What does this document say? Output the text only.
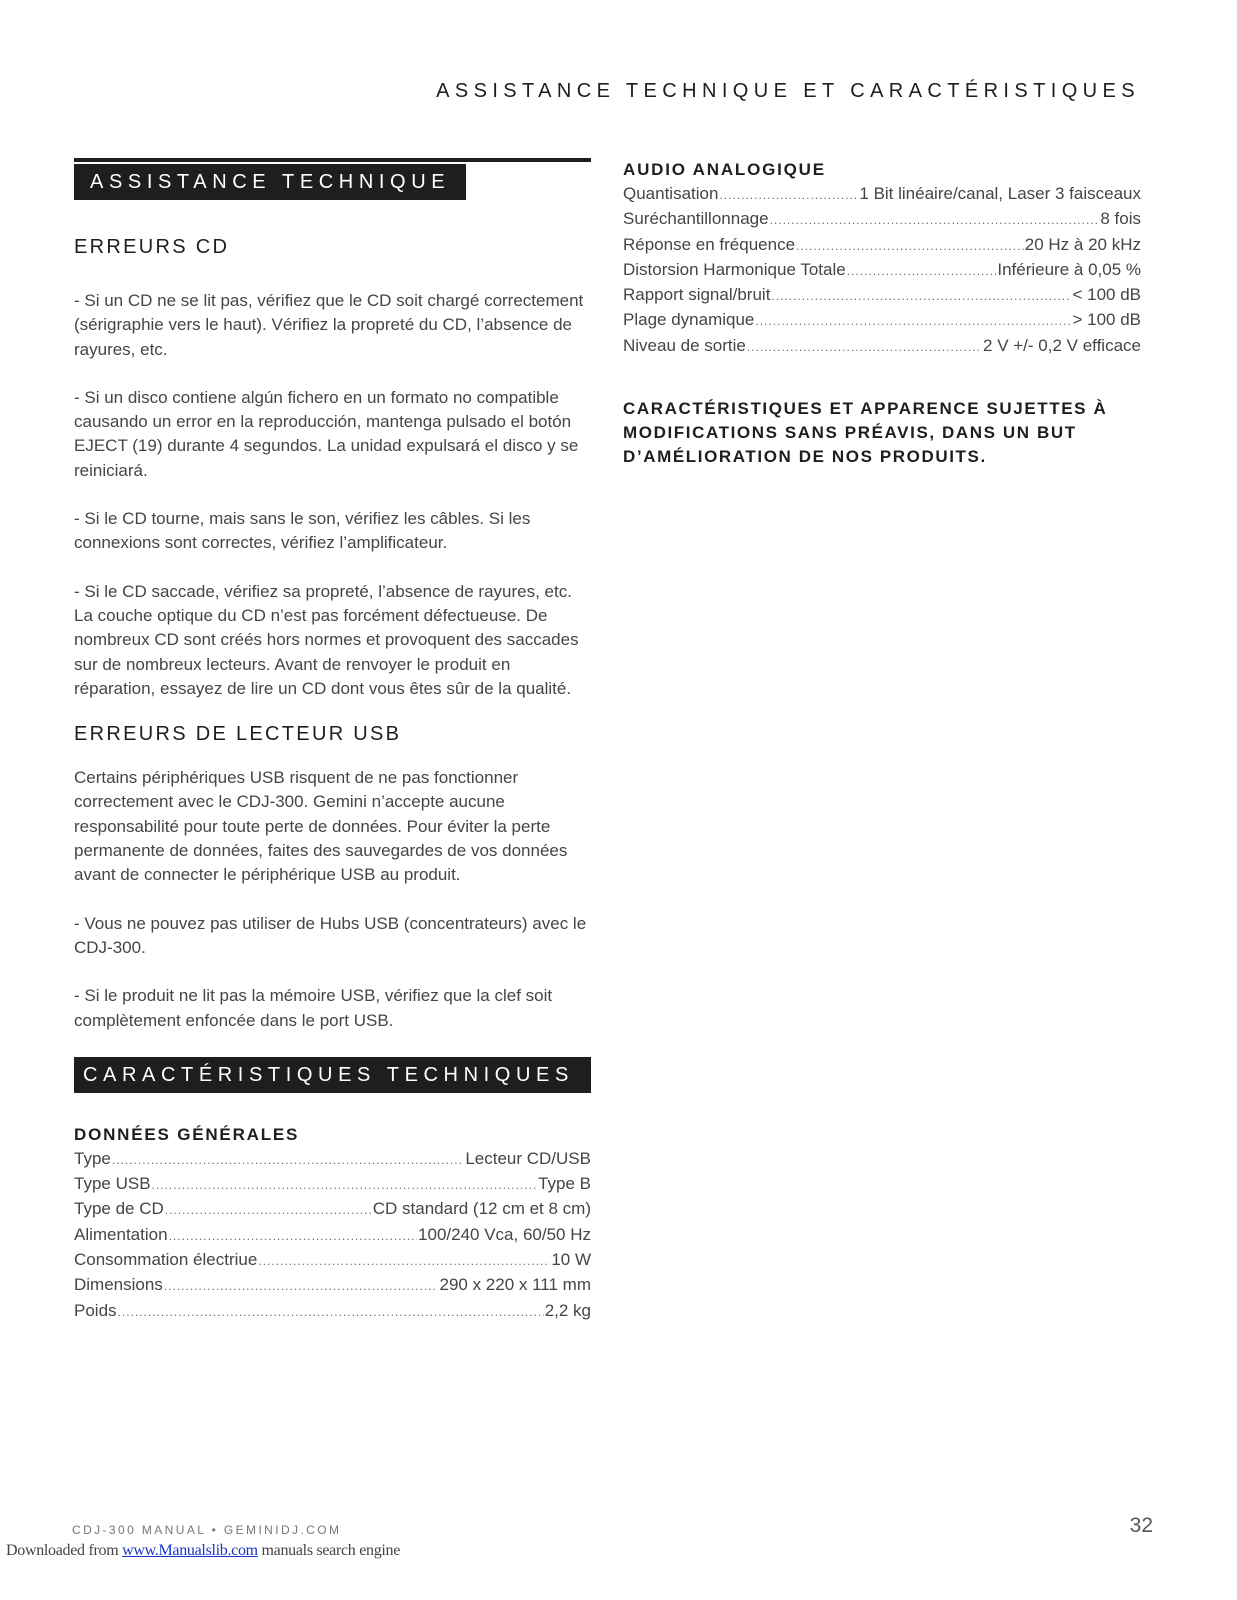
ASSISTANCE TECHNIQUE ET CARACTÉRISTIQUES
ASSISTANCE TECHNIQUE
ERREURS CD

- Si un CD ne se lit pas, vérifiez que le CD soit chargé correctement (sérigraphie vers le haut). Vérifiez la propreté du CD, l’absence de rayures, etc.

- Si un disco contiene algún fichero en un formato no compatible causando un error en la reproducción, mantenga pulsado el botón EJECT (19) durante 4 segundos. La unidad expulsará el disco y se reiniciará.

- Si le CD tourne, mais sans le son, vérifiez les câbles. Si les connexions sont correctes, vérifiez l’amplificateur.

- Si le CD saccade, vérifiez sa propreté, l’absence de rayures, etc. La couche optique du CD n’est pas forcément défectueuse. De nombreux CD sont créés hors normes et provoquent des saccades sur de nombreux lecteurs. Avant de renvoyer le produit en réparation, essayez de lire un CD dont vous êtes sûr de la qualité.

ERREURS DE LECTEUR USB

Certains périphériques USB risquent de ne pas fonctionner correctement avec le CDJ-300. Gemini n’accepte aucune responsabilité pour toute perte de données. Pour éviter la perte permanente de données, faites des sauvegardes de vos données avant de connecter le périphérique USB au produit.

- Vous ne pouvez pas utiliser de Hubs USB (concentrateurs) avec le CDJ-300.

- Si le produit ne lit pas la mémoire USB, vérifiez que la clef soit complètement enfoncée dans le port USB.

CARACTÉRISTIQUES TECHNIQUES
DONNÉES GÉNÉRALES
Type .....	Lecteur CD/USB
Type USB .....	Type B
Type de CD .....	CD standard (12 cm et 8 cm)
Alimentation .....	100/240 Vca, 60/50 Hz
Consommation électriue .....	10 W
Dimensions .....	290 x 220 x 111 mm
Poids .....	2,2 kg
AUDIO ANALOGIQUE
Quantisation .....	1 Bit linéaire/canal, Laser 3 faisceaux
Suréchantillonnage .....	8 fois
Réponse en fréquence .....	20 Hz à 20 kHz
Distorsion Harmonique Totale .....	Inférieure à 0,05 %
Rapport signal/bruit .....	< 100 dB
Plage dynamique .....	> 100 dB
Niveau de sortie .....	2 V +/- 0,2 V efficace
CARACTÉRISTIQUES ET APPARENCE SUJETTES À MODIFICATIONS SANS PRÉAVIS, DANS UN BUT D’AMÉLIORATION DE NOS PRODUITS.
CDJ-300 MANUAL • GEMINIDJ.COM	32
Downloaded from www.Manualslib.com manuals search engine
